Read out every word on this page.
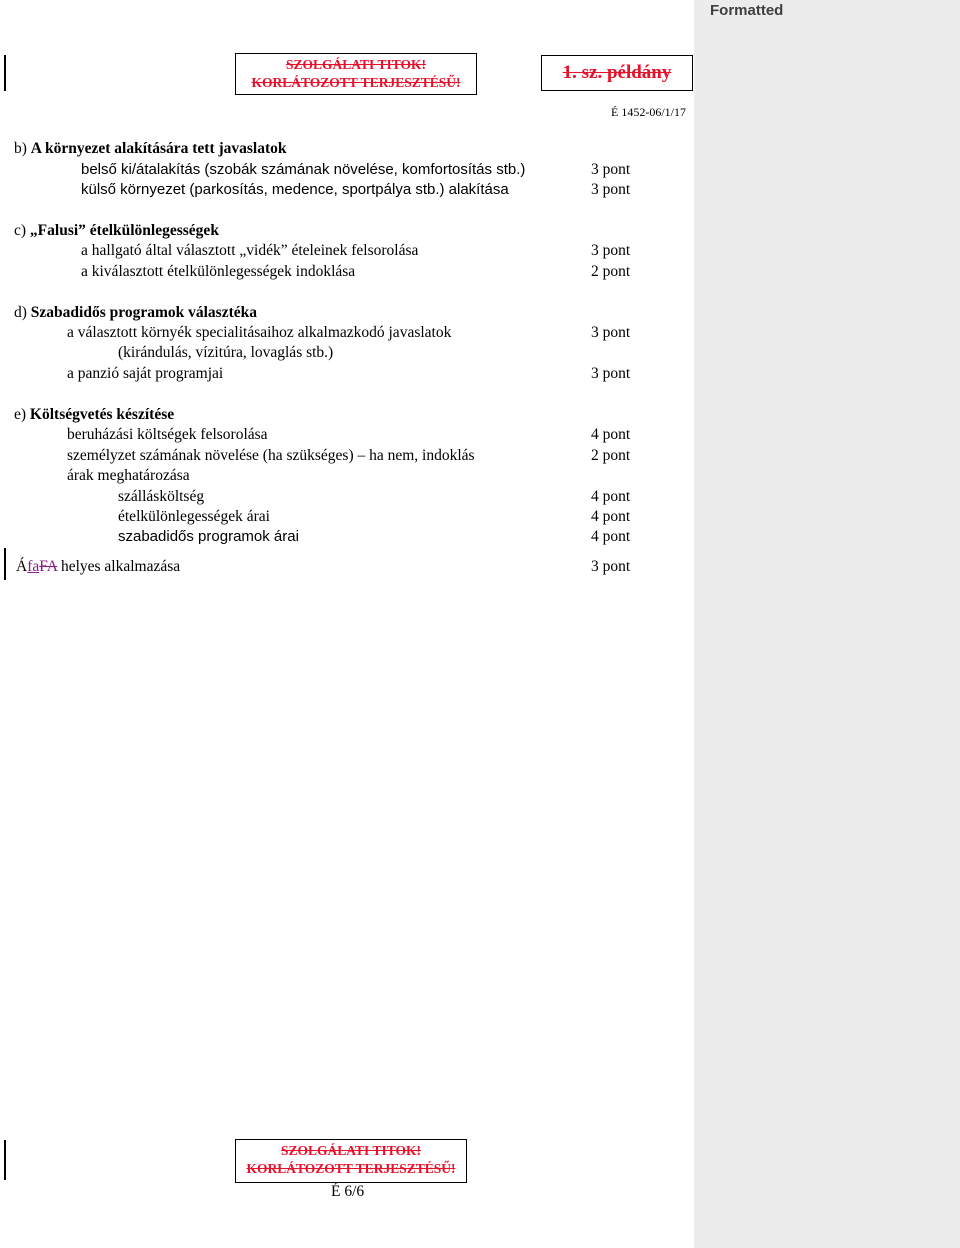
Formatted
SZOLGÁLATI TITOK!
KORLÁTOZOTT TERJESZTÉSŰ!	1. sz. példány
É 1452-06/1/17
b) A környezet alakítására tett javaslatok
belső ki/átalakítás (szobák számának növelése, komfortosítás stb.)	3 pont
külső környezet (parkosítás, medence, sportpálya stb.) alakítása	3 pont
c) „Falusi” ételkülönlegességek
a hallgató által választott „vidék” ételeinek felsorolása	3 pont
a kiválasztott ételkülönlegességek indoklása	2 pont
d) Szabadidős programok választéka
a választott környék specialitásaihoz alkalmazkodó javaslatok	3 pont
(kirándulás, vízitúra, lovaglás stb.)
a panzió saját programjai	3 pont
e) Költségvetés készítése
beruházási költségek felsorolása	4 pont
személyzet számának növelése (ha szükséges) – ha nem, indoklás	2 pont
árak meghatározása
szállásköltség	4 pont
ételkülönlegességek árai	4 pont
szabadidős programok árai	4 pont
ÁfaFA helyes alkalmazása	3 pont
SZOLGÁLATI TITOK!
KORLÁTOZOTT TERJESZTÉSŰ!
É 6/6
